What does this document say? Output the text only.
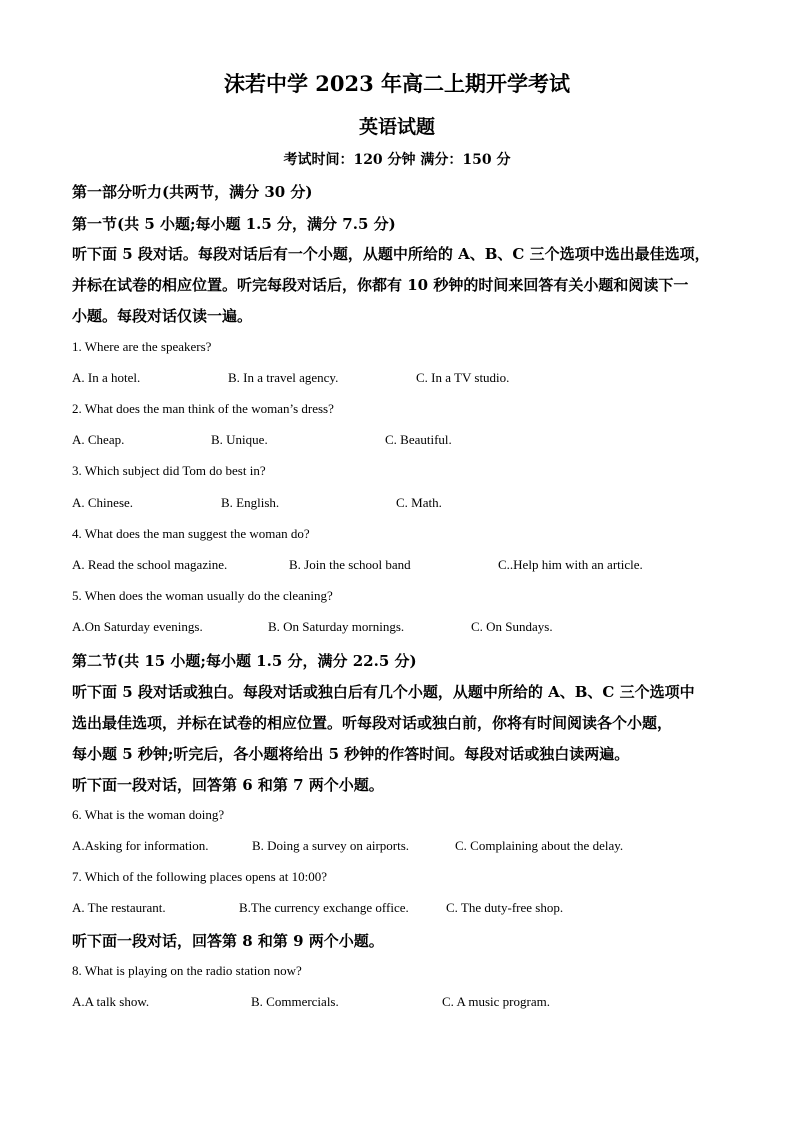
沫若中学 2023 年高二上期开学考试
英语试题
考试时间：120 分钟 满分：150 分
第一部分听力(共两节，满分 30 分)
第一节(共 5 小题;每小题 1.5 分，满分 7.5 分)
听下面 5 段对话。每段对话后有一个小题，从题中所给的 A、B、C 三个选项中选出最佳选项，
并标在试卷的相应位置。听完每段对话后，你都有 10 秒钟的时间来回答有关小题和阅读下一
小题。每段对话仅读一遍。
1. Where are the speakers?
A. In a hotel.	B. In a travel agency.	C. In a TV studio.
2. What does the man think of the woman’s dress?
A. Cheap.	B. Unique.	C. Beautiful.
3. Which subject did Tom do best in?
A. Chinese.	B. English.	C. Math.
4. What does the man suggest the woman do?
A. Read the school magazine.	B. Join the school band	C..Help him with an article.
5. When does the woman usually do the cleaning?
A.On Saturday evenings.	B. On Saturday mornings.	C. On Sundays.
第二节(共 15 小题;每小题 1.5 分，满分 22.5 分)
听下面 5 段对话或独白。每段对话或独白后有几个小题，从题中所给的 A、B、C 三个选项中
选出最佳选项，并标在试卷的相应位置。听每段对话或独白前，你将有时间阅读各个小题，
每小题 5 秒钟;听完后，各小题将给出 5 秒钟的作答时间。每段对话或独白读两遍。
听下面一段对话，回答第 6 和第 7 两个小题。
6. What is the woman doing?
A.Asking for information.	B. Doing a survey on airports.	C. Complaining about the delay.
7. Which of the following places opens at 10:00?
A. The restaurant.	B.The currency exchange office.	C. The duty-free shop.
听下面一段对话，回答第 8 和第 9 两个小题。
8. What is playing on the radio station now?
A.A talk show.	B. Commercials.	C. A music program.
